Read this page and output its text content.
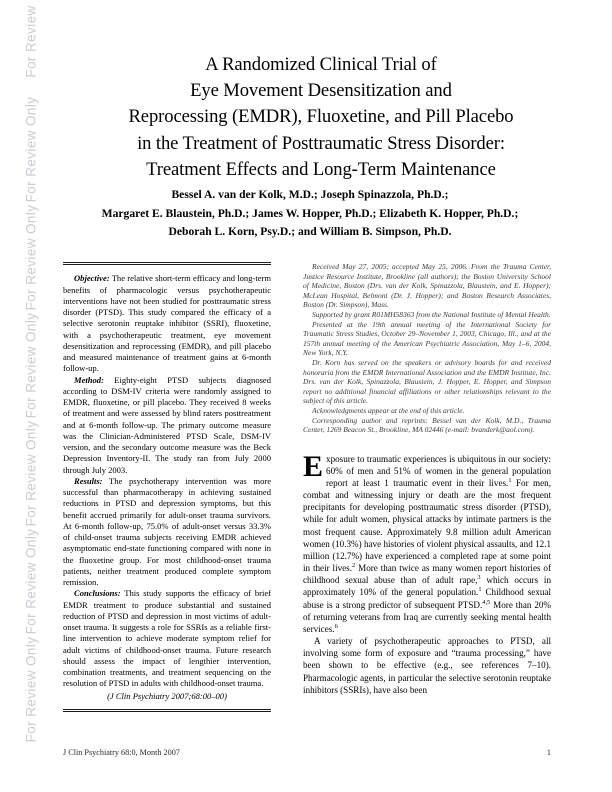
For Review
For Review Only
For Review Only
For Review Only
For Review Only
For Review Only
For Review Only
A Randomized Clinical Trial of
Eye Movement Desensitization and
Reprocessing (EMDR), Fluoxetine, and Pill Placebo
in the Treatment of Posttraumatic Stress Disorder:
Treatment Effects and Long-Term Maintenance
Bessel A. van der Kolk, M.D.; Joseph Spinazzola, Ph.D.;
Margaret E. Blaustein, Ph.D.; James W. Hopper, Ph.D.; Elizabeth K. Hopper, Ph.D.;
Deborah L. Korn, Psy.D.; and William B. Simpson, Ph.D.

Objective: The relative short-term efficacy and long-term benefits of pharmacologic versus psychotherapeutic interventions have not been studied for posttraumatic stress disorder (PTSD). This study compared the efficacy of a selective serotonin reuptake inhibitor (SSRI), fluoxetine, with a psychotherapeutic treatment, eye movement desensitization and reprocessing (EMDR), and pill placebo and measured maintenance of treatment gains at 6-month follow-up.

Method: Eighty-eight PTSD subjects diagnosed according to DSM-IV criteria were randomly assigned to EMDR, fluoxetine, or pill placebo. They received 8 weeks of treatment and were assessed by blind raters posttreatment and at 6-month follow-up. The primary outcome measure was the Clinician-Administered PTSD Scale, DSM-IV version, and the secondary outcome measure was the Beck Depression Inventory-II. The study ran from July 2000 through July 2003.

Results: The psychotherapy intervention was more successful than pharmacotherapy in achieving sustained reductions in PTSD and depression symptoms, but this benefit accrued primarily for adult-onset trauma survivors. At 6-month follow-up, 75.0% of adult-onset versus 33.3% of child-onset trauma subjects receiving EMDR achieved asymptomatic end-state functioning compared with none in the fluoxetine group. For most childhood-onset trauma patients, neither treatment produced complete symptom remission.

Conclusions: This study supports the efficacy of brief EMDR treatment to produce substantial and sustained reduction of PTSD and depression in most victims of adult-onset trauma. It suggests a role for SSRIs as a reliable first-line intervention to achieve moderate symptom relief for adult victims of childhood-onset trauma. Future research should assess the impact of lengthier intervention, combination treatments, and treatment sequencing on the resolution of PTSD in adults with childhood-onset trauma.

(J Clin Psychiatry 2007;68:00–00)

Received May 27, 2005; accepted May 25, 2006. From the Trauma Center, Justice Resource Institute, Brookline (all authors); the Boston University School of Medicine, Boston (Drs. van der Kolk, Spinazzola, Blaustein, and E. Hopper); McLean Hospital, Belmont (Dr. J. Hopper); and Boston Research Associates, Boston (Dr. Simpson), Mass.

Supported by grant R01MH58363 from the National Institute of Mental Health.

Presented at the 19th annual meeting of the International Society for Traumatic Stress Studies, October 29–November 1, 2003, Chicago, Ill., and at the 157th annual meeting of the American Psychiatric Association, May 1–6, 2004, New York, N.Y.

Dr. Korn has served on the speakers or advisory boards for and received honoraria from the EMDR International Association and the EMDR Institute, Inc. Drs. van der Kolk, Spinazzola, Blaustein, J. Hopper, E. Hopper, and Simpson report no additional financial affiliations or other relationships relevant to the subject of this article.

Acknowledgments appear at the end of this article.

Corresponding author and reprints: Bessel van der Kolk, M.D., Trauma Center, 1269 Beacon St., Brookline, MA 02446 (e-mail: bvanderk@aol.com).

Exposure to traumatic experiences is ubiquitous in our society: 60% of men and 51% of women in the general population report at least 1 traumatic event in their lives.$^1$ For men, combat and witnessing injury or death are the most frequent precipitants for developing posttraumatic stress disorder (PTSD), while for adult women, physical attacks by intimate partners is the most frequent cause. Approximately 9.8 million adult American women (10.3%) have histories of violent physical assaults, and 12.1 million (12.7%) have experienced a completed rape at some point in their lives.$^2$ More than twice as many women report histories of childhood sexual abuse than of adult rape,$^3$ which occurs in approximately 10% of the general population.$^1$ Childhood sexual abuse is a strong predictor of subsequent PTSD.$^{4,5}$ More than 20% of returning veterans from Iraq are currently seeking mental health services.$^6$

A variety of psychotherapeutic approaches to PTSD, all involving some form of exposure and “trauma processing,” have been shown to be effective (e.g., see references 7–10). Pharmacologic agents, in particular the selective serotonin reuptake inhibitors (SSRIs), have also been

J Clin Psychiatry 68:0, Month 2007	1
